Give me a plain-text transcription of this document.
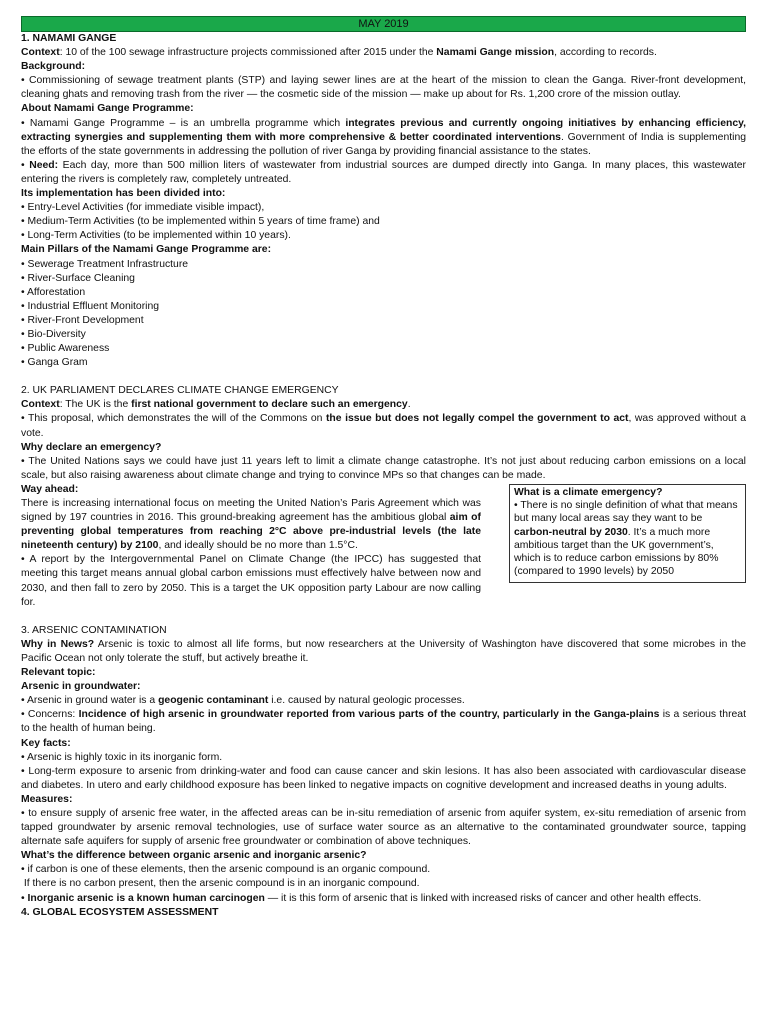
MAY 2019

1. NAMAMI GANGE

Context: 10 of the 100 sewage infrastructure projects commissioned after 2015 under the Namami Gange mission, according to records.

Background:

• Commissioning of sewage treatment plants (STP) and laying sewer lines are at the heart of the mission to clean the Ganga. River-front development, cleaning ghats and removing trash from the river — the cosmetic side of the mission — make up about for Rs. 1,200 crore of the mission outlay.

About Namami Gange Programme:

• Namami Gange Programme – is an umbrella programme which integrates previous and currently ongoing initiatives by enhancing efficiency, extracting synergies and supplementing them with more comprehensive & better coordinated interventions. Government of India is supplementing the efforts of the state governments in addressing the pollution of river Ganga by providing financial assistance to the states.

• Need: Each day, more than 500 million liters of wastewater from industrial sources are dumped directly into Ganga. In many places, this wastewater entering the rivers is completely raw, completely untreated.

Its implementation has been divided into:

• Entry-Level Activities (for immediate visible impact),

• Medium-Term Activities (to be implemented within 5 years of time frame) and

• Long-Term Activities (to be implemented within 10 years).

Main Pillars of the Namami Gange Programme are:

• Sewerage Treatment Infrastructure

• River-Surface Cleaning

• Afforestation

• Industrial Effluent Monitoring

• River-Front Development

• Bio-Diversity

• Public Awareness

• Ganga Gram

2. UK PARLIAMENT DECLARES CLIMATE CHANGE EMERGENCY

Context: The UK is the first national government to declare such an emergency.

• This proposal, which demonstrates the will of the Commons on the issue but does not legally compel the government to act, was approved without a vote.

Why declare an emergency?

• The United Nations says we could have just 11 years left to limit a climate change catastrophe. It’s not just about reducing carbon emissions on a local scale, but also raising awareness about climate change and trying to convince MPs so that changes can be made.

Way ahead:

There is increasing international focus on meeting the United Nation’s Paris Agreement which was signed by 197 countries in 2016. This ground-breaking agreement has the ambitious global aim of preventing global temperatures from reaching 2°C above pre-industrial levels (the late nineteenth century) by 2100, and ideally should be no more than 1.5°C.

• A report by the Intergovernmental Panel on Climate Change (the IPCC) has suggested that meeting this target means annual global carbon emissions must effectively halve between now and 2030, and then fall to zero by 2050. This is a target the UK opposition party Labour are now calling for.

What is a climate emergency?

• There is no single definition of what that means but many local areas say they want to be carbon-neutral by 2030. It’s a much more ambitious target than the UK government’s, which is to reduce carbon emissions by 80% (compared to 1990 levels) by 2050

3. ARSENIC CONTAMINATION

Why in News? Arsenic is toxic to almost all life forms, but now researchers at the University of Washington have discovered that some microbes in the Pacific Ocean not only tolerate the stuff, but actively breathe it.

Relevant topic:

Arsenic in groundwater:

• Arsenic in ground water is a geogenic contaminant i.e. caused by natural geologic processes.

• Concerns: Incidence of high arsenic in groundwater reported from various parts of the country, particularly in the Ganga-plains is a serious threat to the health of human being.

Key facts:

• Arsenic is highly toxic in its inorganic form.

• Long-term exposure to arsenic from drinking-water and food can cause cancer and skin lesions. It has also been associated with cardiovascular disease and diabetes. In utero and early childhood exposure has been linked to negative impacts on cognitive development and increased deaths in young adults.

Measures:

• to ensure supply of arsenic free water, in the affected areas can be in-situ remediation of arsenic from aquifer system, ex-situ remediation of arsenic from tapped groundwater by arsenic removal technologies, use of surface water source as an alternative to the contaminated groundwater source, tapping alternate safe aquifers for supply of arsenic free groundwater or combination of above techniques.

What’s the difference between organic arsenic and inorganic arsenic?

• if carbon is one of these elements, then the arsenic compound is an organic compound.

If there is no carbon present, then the arsenic compound is in an inorganic compound.

• Inorganic arsenic is a known human carcinogen — it is this form of arsenic that is linked with increased risks of cancer and other health effects.

4. GLOBAL ECOSYSTEM ASSESSMENT
